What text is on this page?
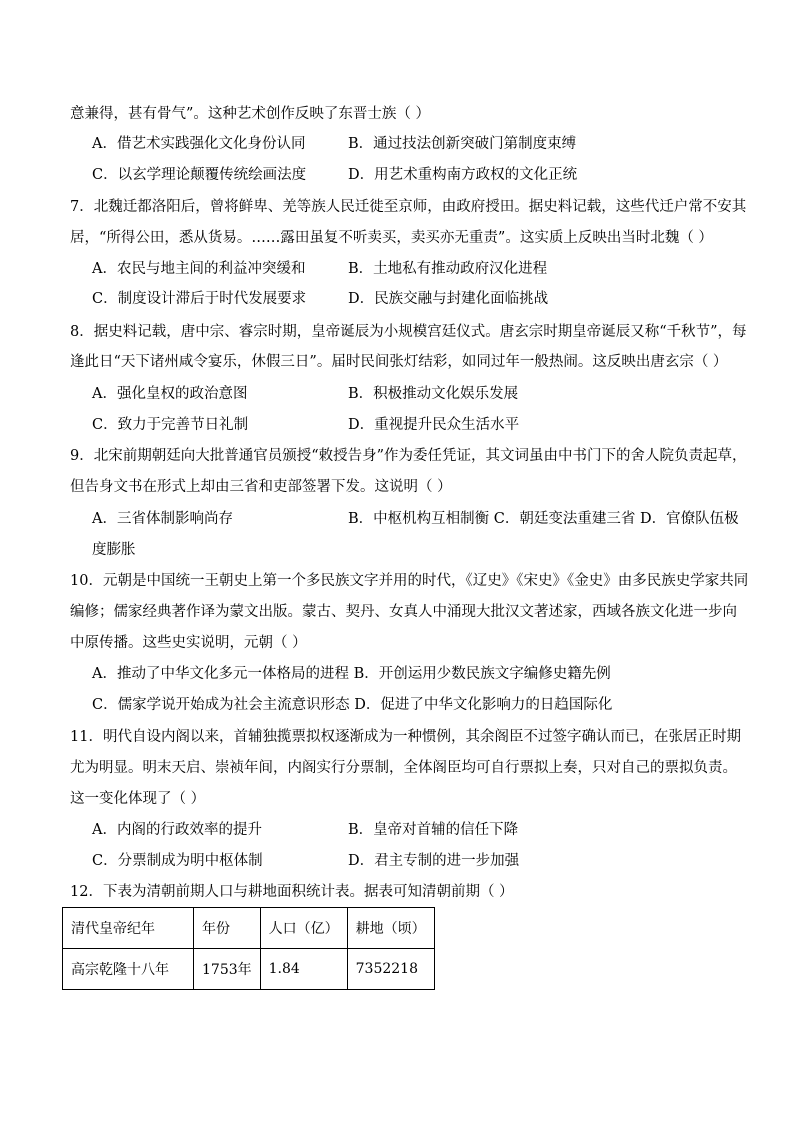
意兼得，甚有骨气”。这种艺术创作反映了东晋士族（ ）
A．借艺术实践强化文化身份认同	B．通过技法创新突破门第制度束缚
C．以玄学理论颠覆传统绘画法度	D．用艺术重构南方政权的文化正统
7．北魏迁都洛阳后，曾将鲜卑、羌等族人民迁徙至京师，由政府授田。据史料记载，这些代迁户常不安其
居，“所得公田，悉从货易。……露田虽复不听卖买，卖买亦无重责”。这实质上反映出当时北魏（ ）
A．农民与地主间的利益冲突缓和	B．土地私有推动政府汉化进程
C．制度设计滞后于时代发展要求	D．民族交融与封建化面临挑战
8．据史料记载，唐中宗、睿宗时期，皇帝诞辰为小规模宫廷仪式。唐玄宗时期皇帝诞辰又称“千秋节”，每
逢此日“天下诸州咸令宴乐，休假三日”。届时民间张灯结彩，如同过年一般热闹。这反映出唐玄宗（ ）
A．强化皇权的政治意图	B．积极推动文化娱乐发展
C．致力于完善节日礼制	D．重视提升民众生活水平
9．北宋前期朝廷向大批普通官员颁授“敕授告身”作为委任凭证，其文词虽由中书门下的舍人院负责起草，
但告身文书在形式上却由三省和吏部签署下发。这说明（ ）
A．三省体制影响尚存	B．中枢机构互相制衡 C．朝廷变法重建三省 D．官僚队伍极
度膨胀
10．元朝是中国统一王朝史上第一个多民族文字并用的时代，《辽史》《宋史》《金史》由多民族史学家共同
编修；儒家经典著作译为蒙文出版。蒙古、契丹、女真人中涌现大批汉文著述家，西域各族文化进一步向
中原传播。这些史实说明，元朝（ ）
A．推动了中华文化多元一体格局的进程 B．开创运用少数民族文字编修史籍先例
C．儒家学说开始成为社会主流意识形态 D．促进了中华文化影响力的日趋国际化
11．明代自设内阁以来，首辅独揽票拟权逐渐成为一种惯例，其余阁臣不过签字确认而已，在张居正时期
尤为明显。明末天启、崇祯年间，内阁实行分票制，全体阁臣均可自行票拟上奏，只对自己的票拟负责。
这一变化体现了（ ）
A．内阁的行政效率的提升	B．皇帝对首辅的信任下降
C．分票制成为明中枢体制	D．君主专制的进一步加强
12．下表为清朝前期人口与耕地面积统计表。据表可知清朝前期（ ）
清代皇帝纪年	年份	人口（亿）	耕地（顷）
高宗乾隆十八年	1753年	1.84	7352218
